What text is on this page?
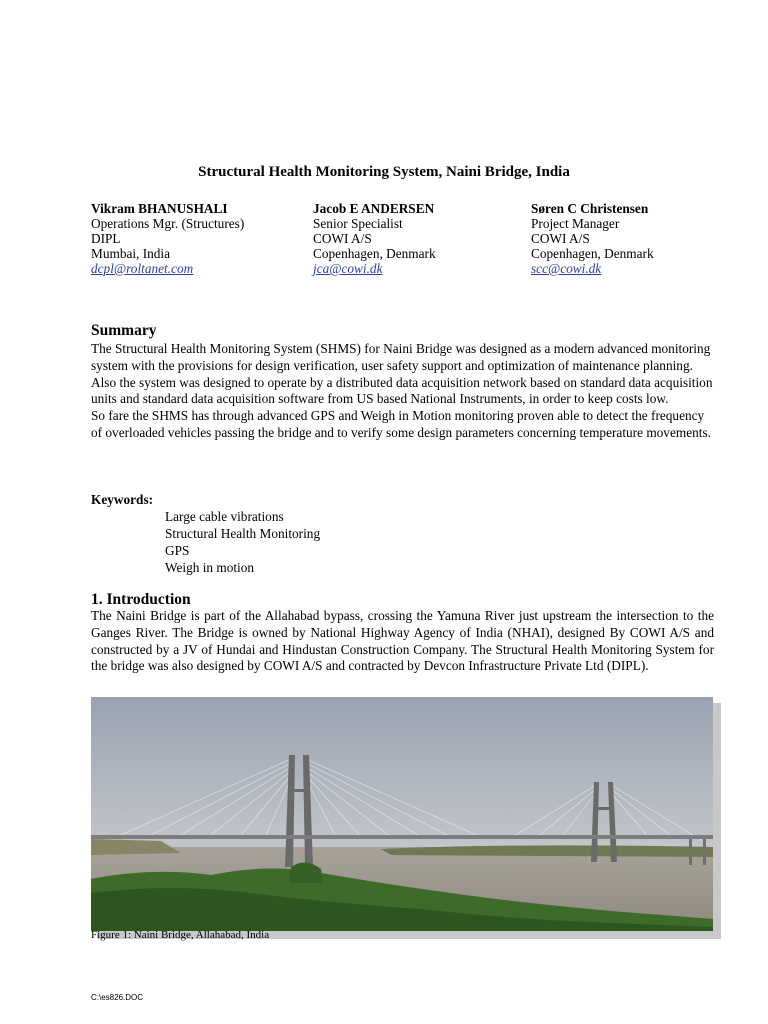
Structural Health Monitoring System, Naini Bridge, India
Vikram BHANUSHALI
Operations Mgr. (Structures)
DIPL
Mumbai, India
dcpl@roltanet.com
Jacob E ANDERSEN
Senior Specialist
COWI A/S
Copenhagen, Denmark
jca@cowi.dk
Søren C Christensen
Project Manager
COWI A/S
Copenhagen, Denmark
scc@cowi.dk
Summary

The Structural Health Monitoring System (SHMS) for Naini Bridge was designed as a modern advanced monitoring system with the provisions for design verification, user safety support and optimization of maintenance planning. Also the system was designed to operate by a distributed data acquisition network based on standard data acquisition units and standard data acquisition software from US based National Instruments, in order to keep costs low.

So fare the SHMS has through advanced GPS and Weigh in Motion monitoring proven able to detect the frequency of overloaded vehicles passing the bridge and to verify some design parameters concerning temperature movements.

Keywords:
Large cable vibrations
Structural Health Monitoring
GPS
Weigh in motion
1. Introduction
The Naini Bridge is part of the Allahabad bypass, crossing the Yamuna River just upstream the intersection to the Ganges River. The Bridge is owned by National Highway Agency of India (NHAI), designed By COWI A/S and constructed by a JV of Hundai and Hindustan Construction Company. The Structural Health Monitoring System for the bridge was also designed by COWI A/S and contracted by Devcon Infrastructure Private Ltd (DIPL).
Figure 1: Naini Bridge, Allahabad, India
C:\es826.DOC
